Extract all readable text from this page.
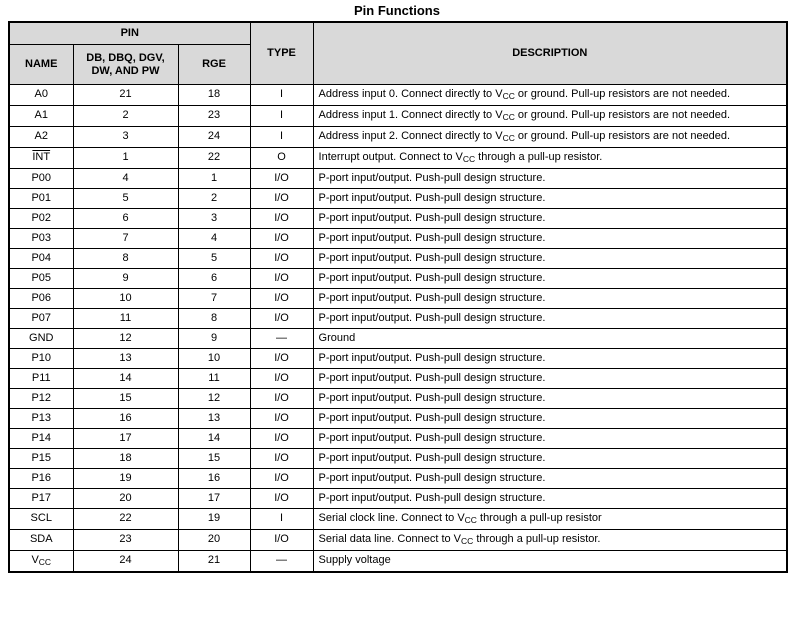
Pin Functions
PIN			TYPE	DESCRIPTION
NAME	DB, DBQ, DGV, DW, AND PW	RGE		
A0	21	18	I	Address input 0. Connect directly to $V_{CC}$ or ground. Pull-up resistors are not needed.
A1	2	23	I	Address input 1. Connect directly to $V_{CC}$ or ground. Pull-up resistors are not needed.
A2	3	24	I	Address input 2. Connect directly to $V_{CC}$ or ground. Pull-up resistors are not needed.
$\overline{INT}$	1	22	O	Interrupt output. Connect to $V_{CC}$ through a pull-up resistor.
P00	4	1	I/O	P-port input/output. Push-pull design structure.
P01	5	2	I/O	P-port input/output. Push-pull design structure.
P02	6	3	I/O	P-port input/output. Push-pull design structure.
P03	7	4	I/O	P-port input/output. Push-pull design structure.
P04	8	5	I/O	P-port input/output. Push-pull design structure.
P05	9	6	I/O	P-port input/output. Push-pull design structure.
P06	10	7	I/O	P-port input/output. Push-pull design structure.
P07	11	8	I/O	P-port input/output. Push-pull design structure.
GND	12	9	—	Ground
P10	13	10	I/O	P-port input/output. Push-pull design structure.
P11	14	11	I/O	P-port input/output. Push-pull design structure.
P12	15	12	I/O	P-port input/output. Push-pull design structure.
P13	16	13	I/O	P-port input/output. Push-pull design structure.
P14	17	14	I/O	P-port input/output. Push-pull design structure.
P15	18	15	I/O	P-port input/output. Push-pull design structure.
P16	19	16	I/O	P-port input/output. Push-pull design structure.
P17	20	17	I/O	P-port input/output. Push-pull design structure.
SCL	22	19	I	Serial clock line. Connect to $V_{CC}$ through a pull-up resistor
SDA	23	20	I/O	Serial data line. Connect to $V_{CC}$ through a pull-up resistor.
$V_{CC}$	24	21	—	Supply voltage
